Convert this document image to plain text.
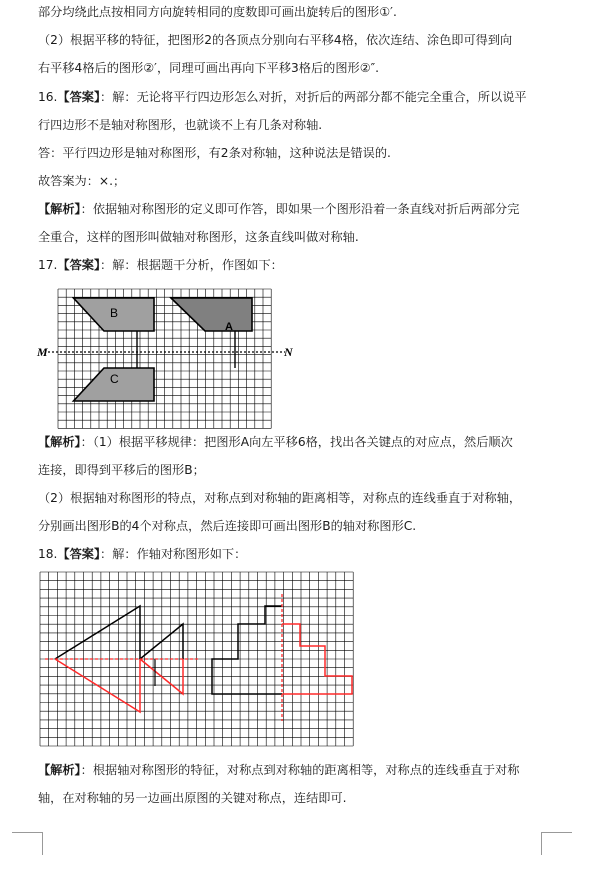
部分均绕此点按相同方向旋转相同的度数即可画出旋转后的图形①′.
（2）根据平移的特征，把图形2的各顶点分别向右平移4格，依次连结、涂色即可得到向
右平移4格后的图形②′，同理可画出再向下平移3格后的图形②″.
16.【答案】：解：无论将平行四边形怎么对折，对折后的两部分都不能完全重合，所以说平
行四边形不是轴对称图形，也就谈不上有几条对称轴.
答：平行四边形是轴对称图形，有2条对称轴，这种说法是错误的.
故答案为：×.；
【解析】：依据轴对称图形的定义即可作答，即如果一个图形沿着一条直线对折后两部分完
全重合，这样的图形叫做轴对称图形，这条直线叫做对称轴.
17.【答案】：解：根据题干分析，作图如下：
M	N
B
A
C
【解析】：（1）根据平移规律：把图形A向左平移6格，找出各关键点的对应点，然后顺次
连接，即得到平移后的图形B；
（2）根据轴对称图形的特点，对称点到对称轴的距离相等，对称点的连线垂直于对称轴，
分别画出图形B的4个对称点，然后连接即可画出图形B的轴对称图形C.
18.【答案】：解：作轴对称图形如下：
【解析】：根据轴对称图形的特征，对称点到对称轴的距离相等，对称点的连线垂直于对称
轴，在对称轴的另一边画出原图的关键对称点，连结即可.
